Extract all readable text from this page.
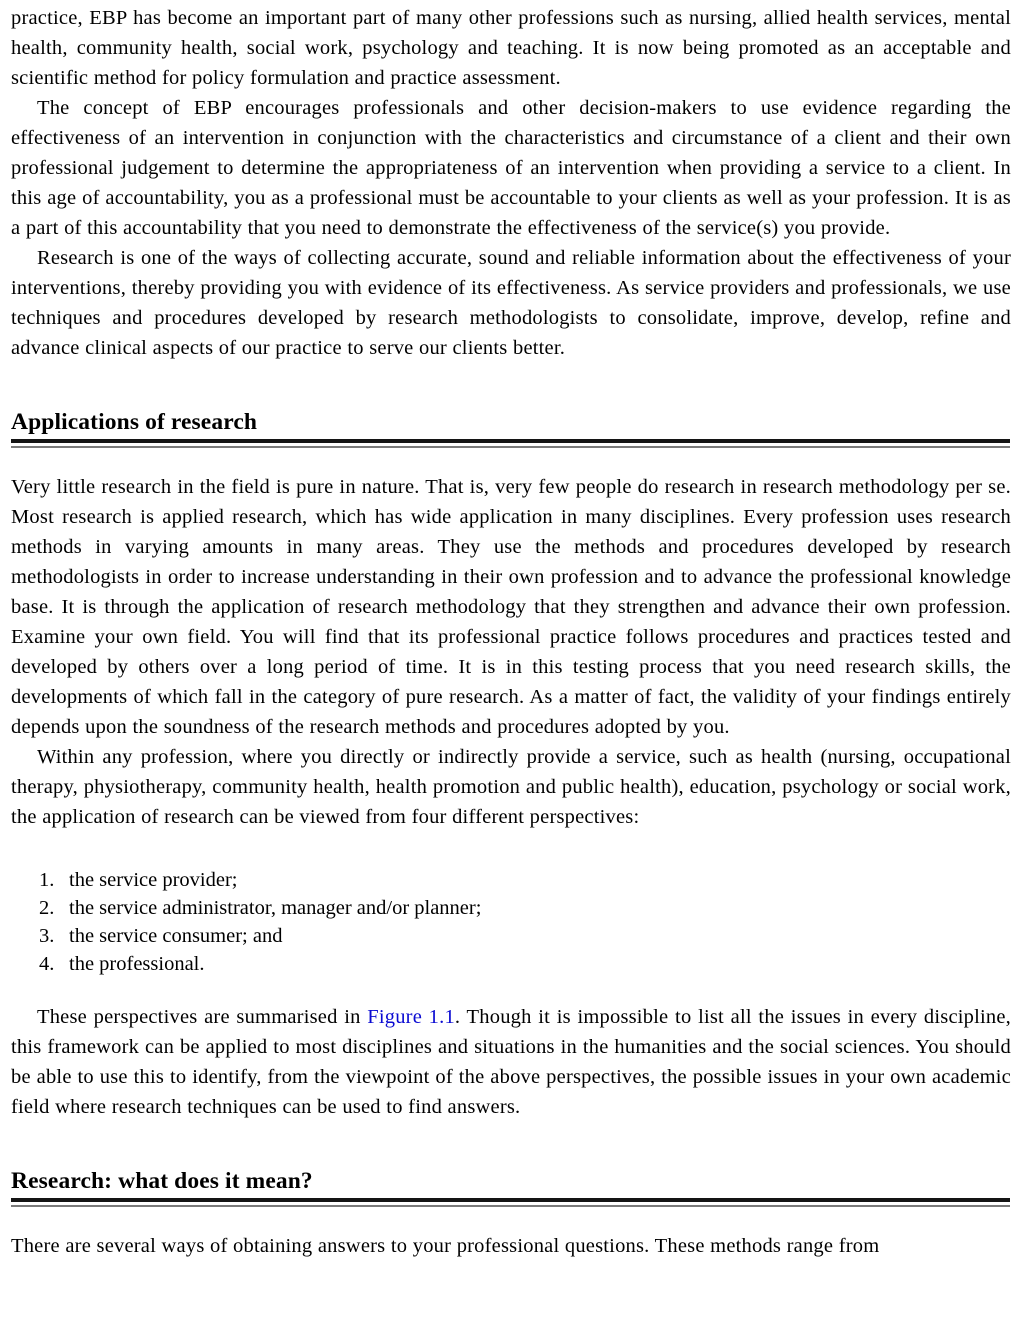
practice, EBP has become an important part of many other professions such as nursing, allied health services, mental health, community health, social work, psychology and teaching. It is now being promoted as an acceptable and scientific method for policy formulation and practice assessment.

The concept of EBP encourages professionals and other decision-makers to use evidence regarding the effectiveness of an intervention in conjunction with the characteristics and circumstance of a client and their own professional judgement to determine the appropriateness of an intervention when providing a service to a client. In this age of accountability, you as a professional must be accountable to your clients as well as your profession. It is as a part of this accountability that you need to demonstrate the effectiveness of the service(s) you provide.

Research is one of the ways of collecting accurate, sound and reliable information about the effectiveness of your interventions, thereby providing you with evidence of its effectiveness. As service providers and professionals, we use techniques and procedures developed by research methodologists to consolidate, improve, develop, refine and advance clinical aspects of our practice to serve our clients better.

Applications of research

Very little research in the field is pure in nature. That is, very few people do research in research methodology per se. Most research is applied research, which has wide application in many disciplines. Every profession uses research methods in varying amounts in many areas. They use the methods and procedures developed by research methodologists in order to increase understanding in their own profession and to advance the professional knowledge base. It is through the application of research methodology that they strengthen and advance their own profession. Examine your own field. You will find that its professional practice follows procedures and practices tested and developed by others over a long period of time. It is in this testing process that you need research skills, the developments of which fall in the category of pure research. As a matter of fact, the validity of your findings entirely depends upon the soundness of the research methods and procedures adopted by you.

Within any profession, where you directly or indirectly provide a service, such as health (nursing, occupational therapy, physiotherapy, community health, health promotion and public health), education, psychology or social work, the application of research can be viewed from four different perspectives:

1. the service provider;
2. the service administrator, manager and/or planner;
3. the service consumer; and
4. the professional.

These perspectives are summarised in Figure 1.1. Though it is impossible to list all the issues in every discipline, this framework can be applied to most disciplines and situations in the humanities and the social sciences. You should be able to use this to identify, from the viewpoint of the above perspectives, the possible issues in your own academic field where research techniques can be used to find answers.

Research: what does it mean?

There are several ways of obtaining answers to your professional questions. These methods range from
